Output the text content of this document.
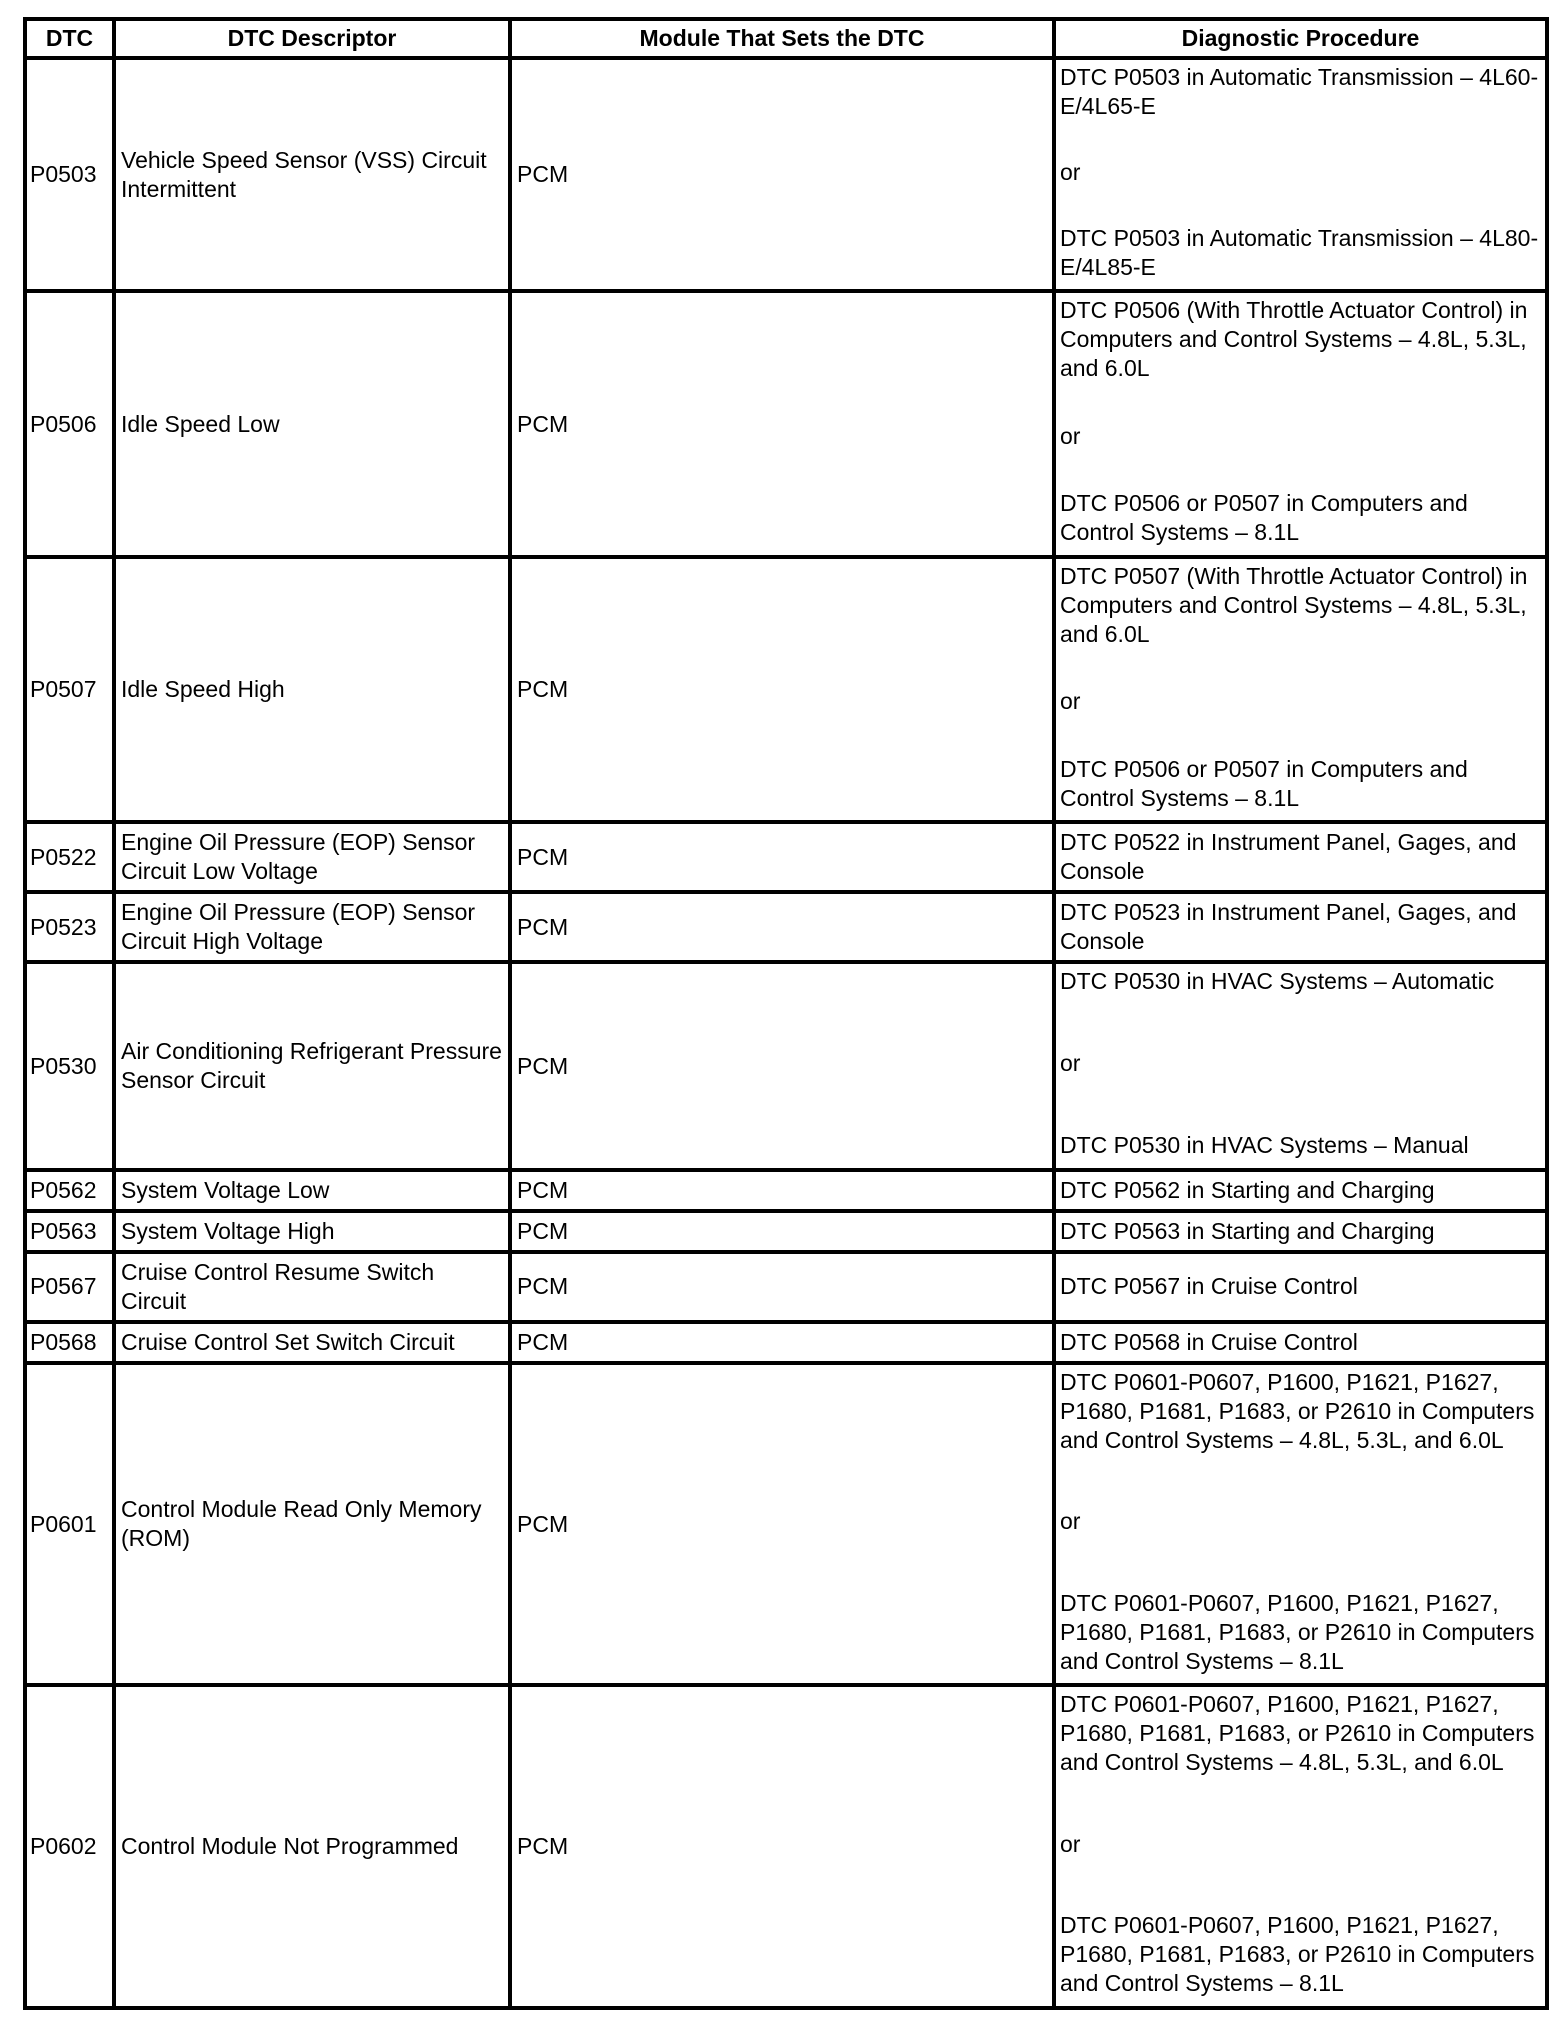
DTC	DTC Descriptor	Module That Sets the DTC	Diagnostic Procedure
P0503	Vehicle Speed Sensor (VSS) Circuit Intermittent	PCM	DTC P0503 in Automatic Transmission – 4L60-E/4L65-E
or
DTC P0503 in Automatic Transmission – 4L80-E/4L85-E

P0506	Idle Speed Low	PCM	DTC P0506 (With Throttle Actuator Control) in Computers and Control Systems – 4.8L, 5.3L, and 6.0L
or
DTC P0506 or P0507 in Computers and Control Systems – 8.1L

P0507	Idle Speed High	PCM	DTC P0507 (With Throttle Actuator Control) in Computers and Control Systems – 4.8L, 5.3L, and 6.0L
or
DTC P0506 or P0507 in Computers and Control Systems – 8.1L

P0522	Engine Oil Pressure (EOP) Sensor Circuit Low Voltage	PCM	DTC P0522 in Instrument Panel, Gages, and Console

P0523	Engine Oil Pressure (EOP) Sensor Circuit High Voltage	PCM	DTC P0523 in Instrument Panel, Gages, and Console

P0530	Air Conditioning Refrigerant Pressure Sensor Circuit	PCM	DTC P0530 in HVAC Systems – Automatic
or
DTC P0530 in HVAC Systems – Manual

P0562	System Voltage Low	PCM	DTC P0562 in Starting and Charging

P0563	System Voltage High	PCM	DTC P0563 in Starting and Charging

P0567	Cruise Control Resume Switch Circuit	PCM	DTC P0567 in Cruise Control

P0568	Cruise Control Set Switch Circuit	PCM	DTC P0568 in Cruise Control

P0601	Control Module Read Only Memory (ROM)	PCM	DTC P0601-P0607, P1600, P1621, P1627, P1680, P1681, P1683, or P2610 in Computers and Control Systems – 4.8L, 5.3L, and 6.0L
or
DTC P0601-P0607, P1600, P1621, P1627, P1680, P1681, P1683, or P2610 in Computers and Control Systems – 8.1L

P0602	Control Module Not Programmed	PCM	DTC P0601-P0607, P1600, P1621, P1627, P1680, P1681, P1683, or P2610 in Computers and Control Systems – 4.8L, 5.3L, and 6.0L
or
DTC P0601-P0607, P1600, P1621, P1627, P1680, P1681, P1683, or P2610 in Computers and Control Systems – 8.1L
